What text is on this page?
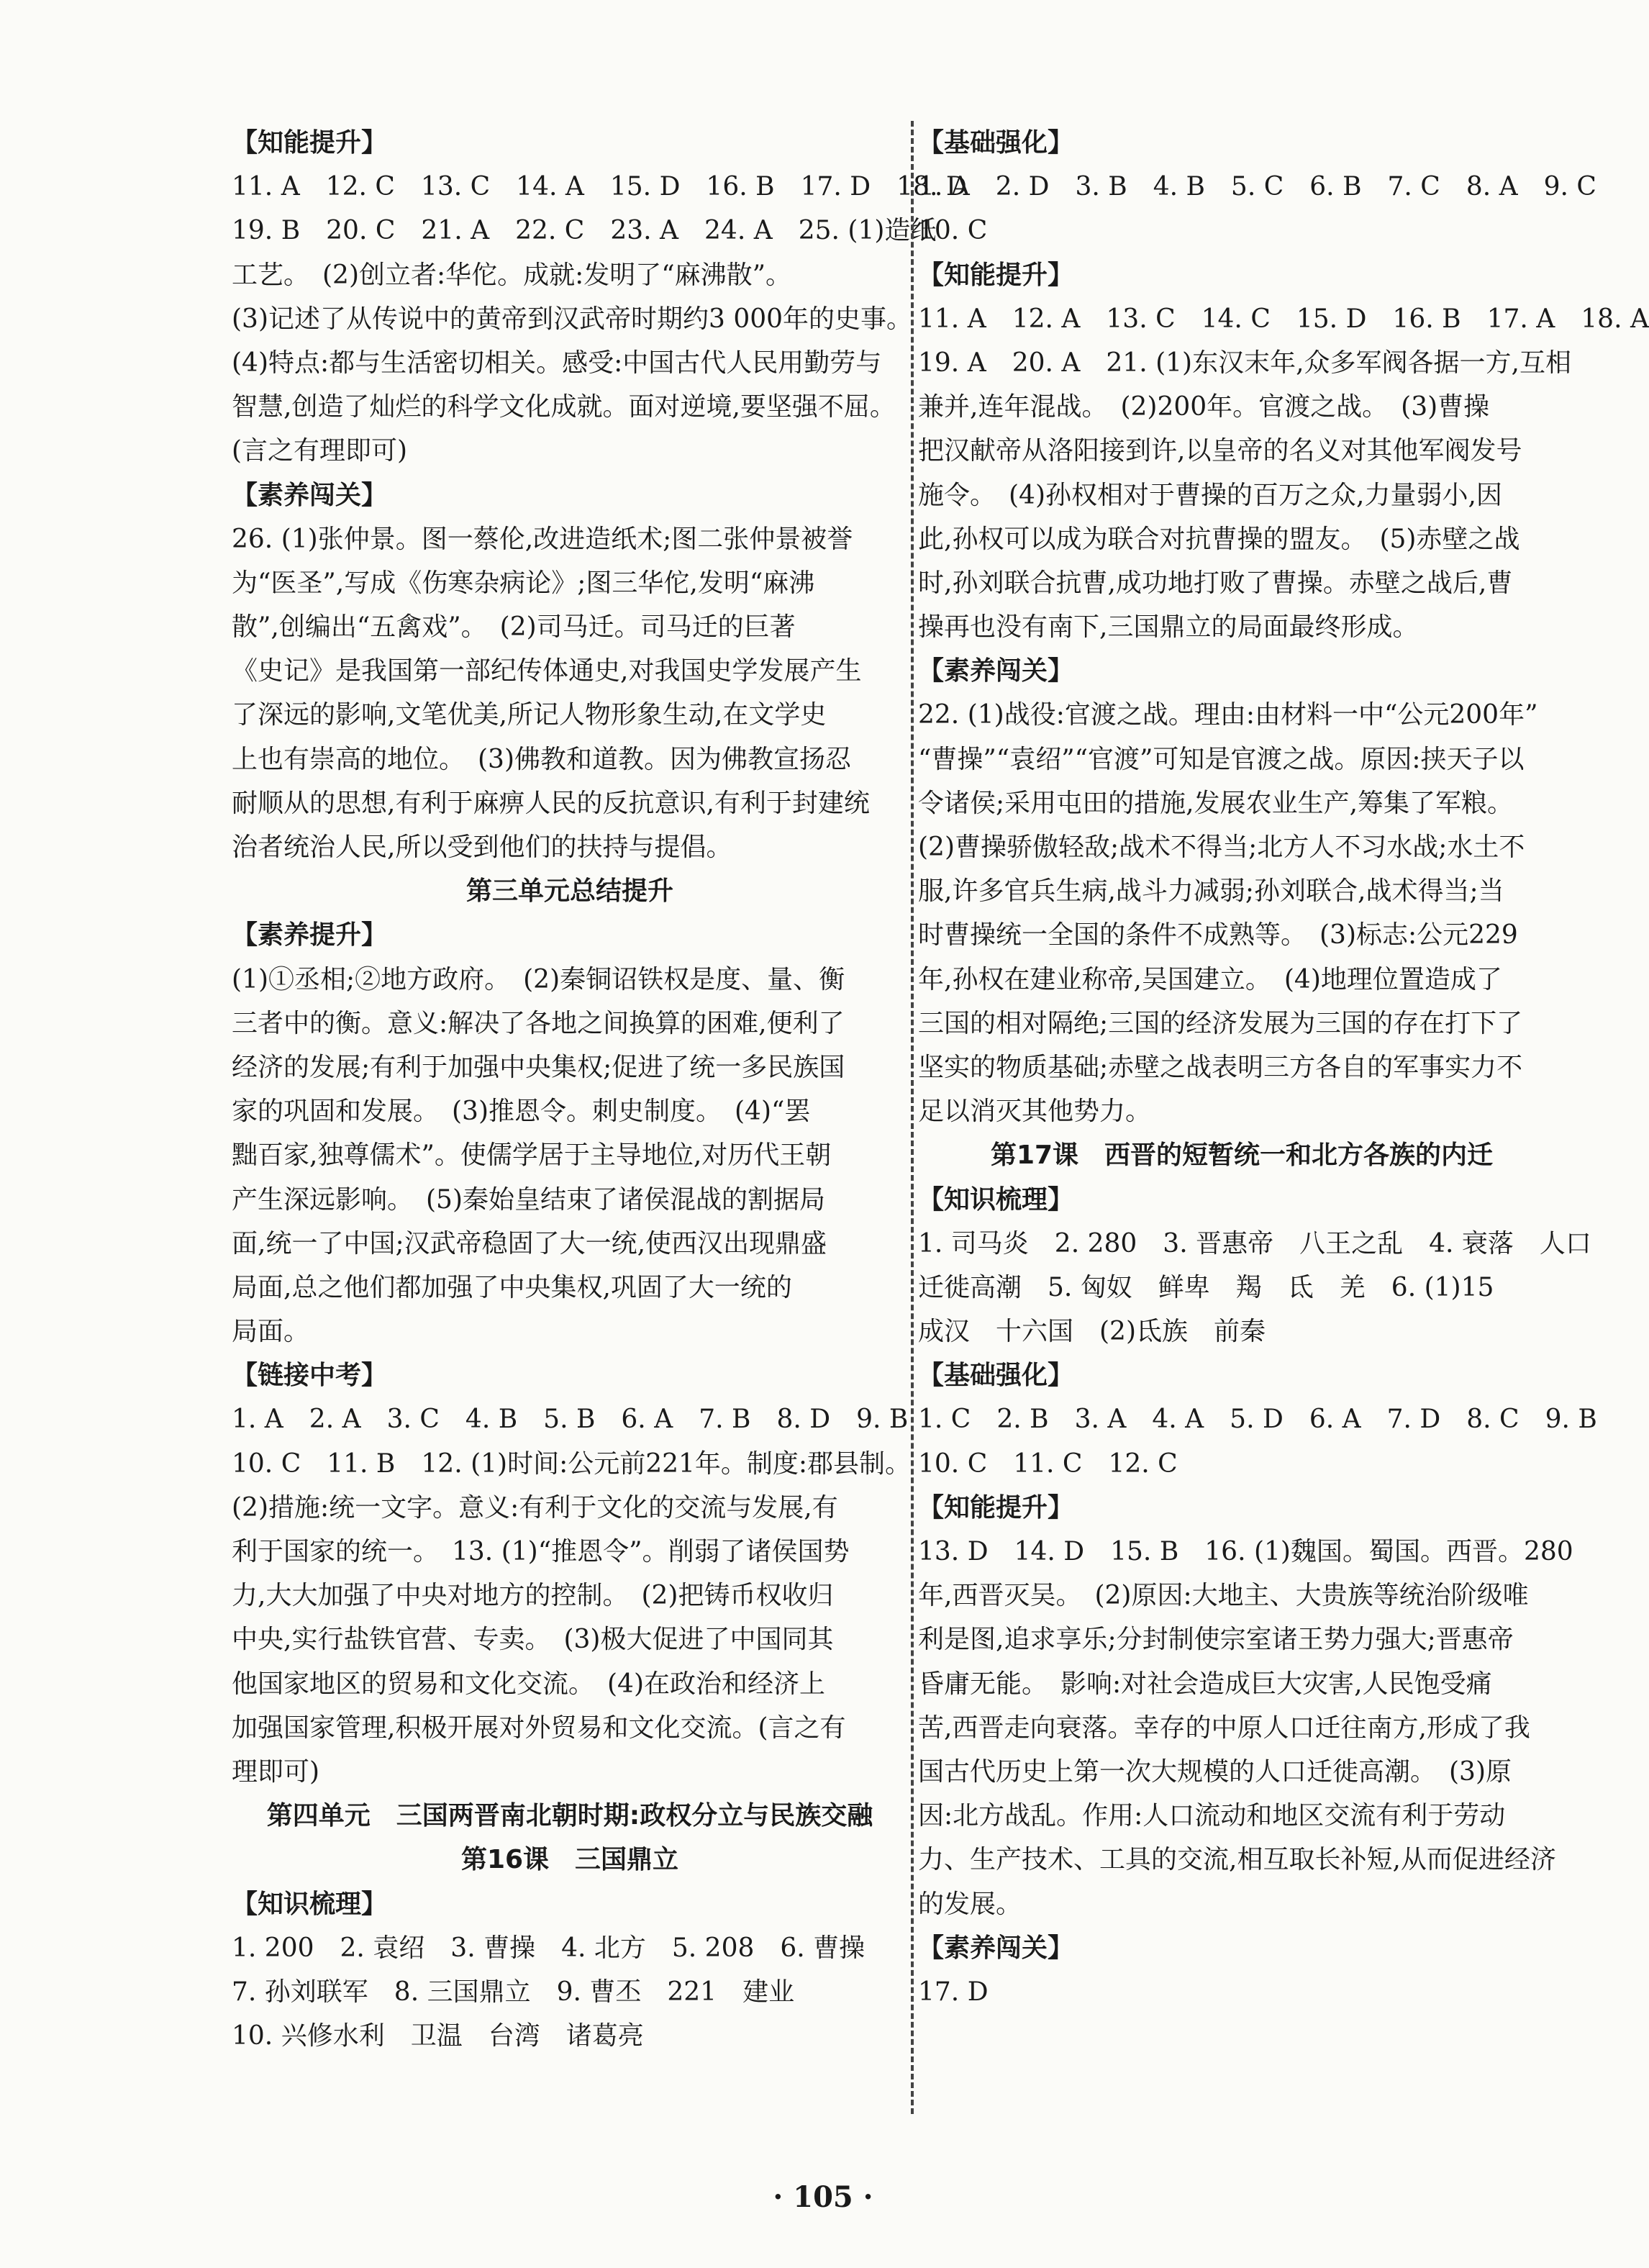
【知能提升】
11. A　12. C　13. C　14. A　15. D　16. B　17. D　18. D
19. B　20. C　21. A　22. C　23. A　24. A　25. (1)造纸
工艺。　(2)创立者:华佗。成就:发明了“麻沸散”。
(3)记述了从传说中的黄帝到汉武帝时期约3 000年的史事。
(4)特点:都与生活密切相关。感受:中国古代人民用勤劳与
智慧,创造了灿烂的科学文化成就。面对逆境,要坚强不屈。
(言之有理即可)
【素养闯关】
26. (1)张仲景。图一蔡伦,改进造纸术;图二张仲景被誉
为“医圣”,写成《伤寒杂病论》;图三华佗,发明“麻沸
散”,创编出“五禽戏”。　(2)司马迁。司马迁的巨著
《史记》是我国第一部纪传体通史,对我国史学发展产生
了深远的影响,文笔优美,所记人物形象生动,在文学史
上也有崇高的地位。　(3)佛教和道教。因为佛教宣扬忍
耐顺从的思想,有利于麻痹人民的反抗意识,有利于封建统
治者统治人民,所以受到他们的扶持与提倡。
第三单元总结提升
【素养提升】
(1)①丞相;②地方政府。　(2)秦铜诏铁权是度、量、衡
三者中的衡。意义:解决了各地之间换算的困难,便利了
经济的发展;有利于加强中央集权;促进了统一多民族国
家的巩固和发展。　(3)推恩令。刺史制度。　(4)“罢
黜百家,独尊儒术”。使儒学居于主导地位,对历代王朝
产生深远影响。　(5)秦始皇结束了诸侯混战的割据局
面,统一了中国;汉武帝稳固了大一统,使西汉出现鼎盛
局面,总之他们都加强了中央集权,巩固了大一统的
局面。
【链接中考】
1. A　2. A　3. C　4. B　5. B　6. A　7. B　8. D　9. B
10. C　11. B　12. (1)时间:公元前221年。制度:郡县制。
(2)措施:统一文字。意义:有利于文化的交流与发展,有
利于国家的统一。　13. (1)“推恩令”。削弱了诸侯国势
力,大大加强了中央对地方的控制。　(2)把铸币权收归
中央,实行盐铁官营、专卖。　(3)极大促进了中国同其
他国家地区的贸易和文化交流。　(4)在政治和经济上
加强国家管理,积极开展对外贸易和文化交流。(言之有
理即可)
第四单元　三国两晋南北朝时期:政权分立与民族交融
第16课　三国鼎立
【知识梳理】
1. 200　2. 袁绍　3. 曹操　4. 北方　5. 208　6. 曹操
7. 孙刘联军　8. 三国鼎立　9. 曹丕　221　建业
10. 兴修水利　卫温　台湾　诸葛亮
【基础强化】
1. A　2. D　3. B　4. B　5. C　6. B　7. C　8. A　9. C
10. C
【知能提升】
11. A　12. A　13. C　14. C　15. D　16. B　17. A　18. A
19. A　20. A　21. (1)东汉末年,众多军阀各据一方,互相
兼并,连年混战。　(2)200年。官渡之战。　(3)曹操
把汉献帝从洛阳接到许,以皇帝的名义对其他军阀发号
施令。　(4)孙权相对于曹操的百万之众,力量弱小,因
此,孙权可以成为联合对抗曹操的盟友。　(5)赤壁之战
时,孙刘联合抗曹,成功地打败了曹操。赤壁之战后,曹
操再也没有南下,三国鼎立的局面最终形成。
【素养闯关】
22. (1)战役:官渡之战。理由:由材料一中“公元200年”
“曹操”“袁绍”“官渡”可知是官渡之战。原因:挟天子以
令诸侯;采用屯田的措施,发展农业生产,筹集了军粮。
(2)曹操骄傲轻敌;战术不得当;北方人不习水战;水土不
服,许多官兵生病,战斗力减弱;孙刘联合,战术得当;当
时曹操统一全国的条件不成熟等。　(3)标志:公元229
年,孙权在建业称帝,吴国建立。　(4)地理位置造成了
三国的相对隔绝;三国的经济发展为三国的存在打下了
坚实的物质基础;赤壁之战表明三方各自的军事实力不
足以消灭其他势力。
第17课　西晋的短暂统一和北方各族的内迁
【知识梳理】
1. 司马炎　2. 280　3. 晋惠帝　八王之乱　4. 衰落　人口
迁徙高潮　5. 匈奴　鲜卑　羯　氐　羌　6. (1)15
成汉　十六国　(2)氐族　前秦
【基础强化】
1. C　2. B　3. A　4. A　5. D　6. A　7. D　8. C　9. B
10. C　11. C　12. C
【知能提升】
13. D　14. D　15. B　16. (1)魏国。蜀国。西晋。280
年,西晋灭吴。　(2)原因:大地主、大贵族等统治阶级唯
利是图,追求享乐;分封制使宗室诸王势力强大;晋惠帝
昏庸无能。　影响:对社会造成巨大灾害,人民饱受痛
苦,西晋走向衰落。幸存的中原人口迁往南方,形成了我
国古代历史上第一次大规模的人口迁徙高潮。　(3)原
因:北方战乱。作用:人口流动和地区交流有利于劳动
力、生产技术、工具的交流,相互取长补短,从而促进经济
的发展。
【素养闯关】
17. D
· 105 ·
